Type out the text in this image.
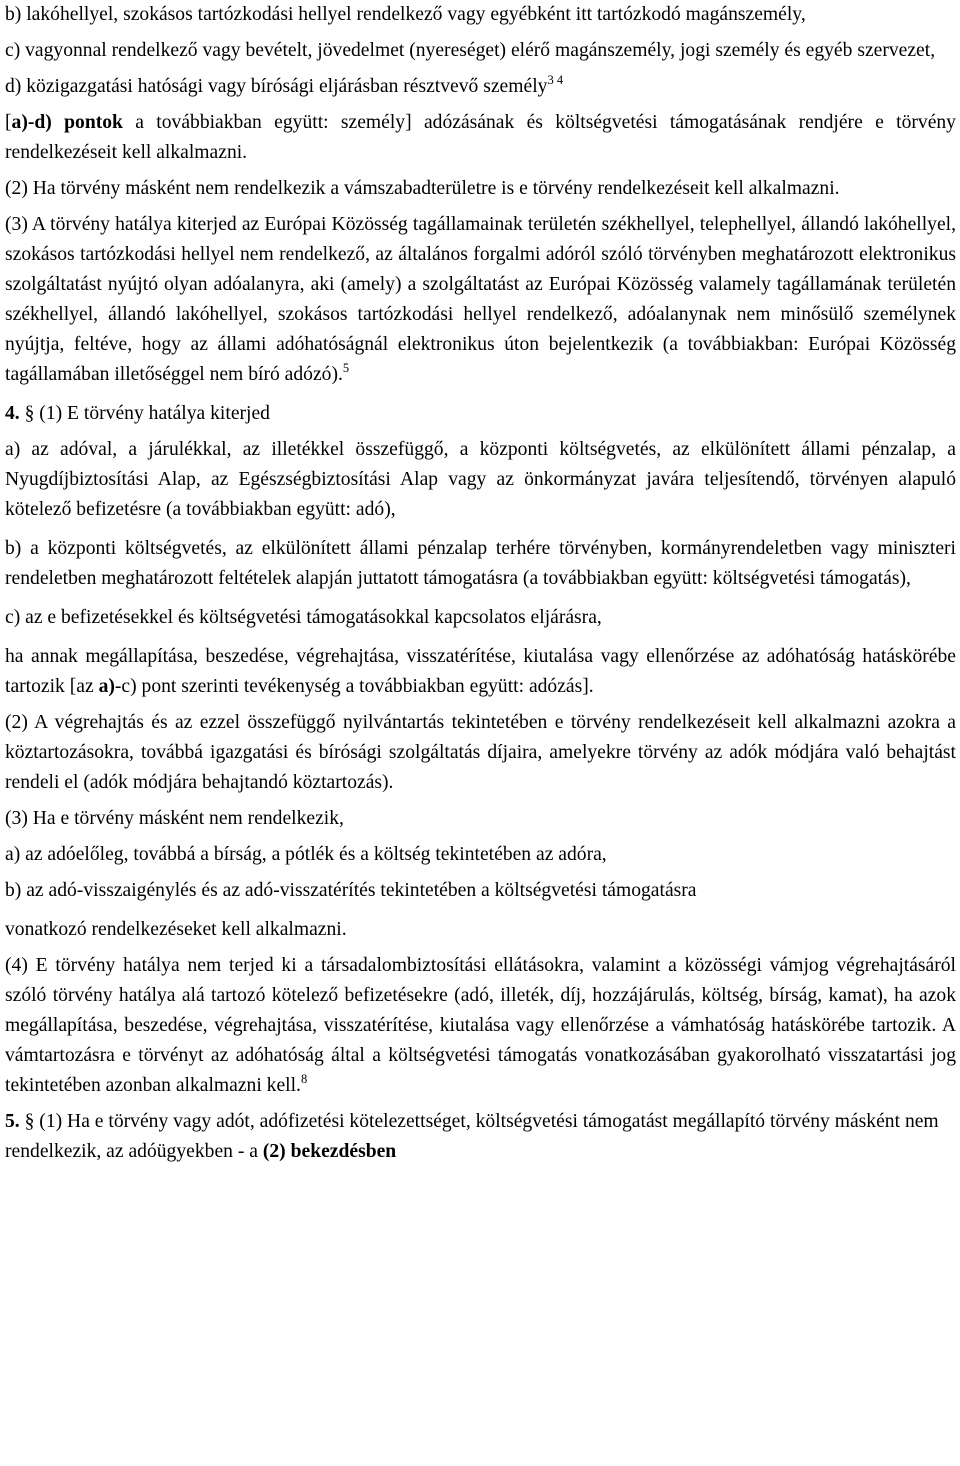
b) lakóhellyel, szokásos tartózkodási hellyel rendelkező vagy egyébként itt tartózkodó magánszemély,

c) vagyonnal rendelkező vagy bevételt, jövedelmet (nyereséget) elérő magánszemély, jogi személy és egyéb szervezet,

d) közigazgatási hatósági vagy bírósági eljárásban résztvevő személy$^{3 4}$

[a)-d) pontok a továbbiakban együtt: személy] adózásának és költségvetési támogatásának rendjére e törvény rendelkezéseit kell alkalmazni.

(2) Ha törvény másként nem rendelkezik a vámszabadterületre is e törvény rendelkezéseit kell alkalmazni.

(3) A törvény hatálya kiterjed az Európai Közösség tagállamainak területén székhellyel, telephellyel, állandó lakóhellyel, szokásos tartózkodási hellyel nem rendelkező, az általános forgalmi adóról szóló törvényben meghatározott elektronikus szolgáltatást nyújtó olyan adóalanyra, aki (amely) a szolgáltatást az Európai Közösség valamely tagállamának területén székhellyel, állandó lakóhellyel, szokásos tartózkodási hellyel rendelkező, adóalanynak nem minősülő személynek nyújtja, feltéve, hogy az állami adóhatóságnál elektronikus úton bejelentkezik (a továbbiakban: Európai Közösség tagállamában illetőséggel nem bíró adózó).$^5$

4. § (1) E törvény hatálya kiterjed

a) az adóval, a járulékkal, az illetékkel összefüggő, a központi költségvetés, az elkülönített állami pénzalap, a Nyugdíjbiztosítási Alap, az Egészségbiztosítási Alap vagy az önkormányzat javára teljesítendő, törvényen alapuló kötelező befizetésre (a továbbiakban együtt: adó),

b) a központi költségvetés, az elkülönített állami pénzalap terhére törvényben, kormányrendeletben vagy miniszteri rendeletben meghatározott feltételek alapján juttatott támogatásra (a továbbiakban együtt: költségvetési támogatás),

c) az e befizetésekkel és költségvetési támogatásokkal kapcsolatos eljárásra,

ha annak megállapítása, beszedése, végrehajtása, visszatérítése, kiutalása vagy ellenőrzése az adóhatóság hatáskörébe tartozik [az a)-c) pont szerinti tevékenység a továbbiakban együtt: adózás].

(2) A végrehajtás és az ezzel összefüggő nyilvántartás tekintetében e törvény rendelkezéseit kell alkalmazni azokra a köztartozásokra, továbbá igazgatási és bírósági szolgáltatás díjaira, amelyekre törvény az adók módjára való behajtást rendeli el (adók módjára behajtandó köztartozás).

(3) Ha e törvény másként nem rendelkezik,

a) az adóelőleg, továbbá a bírság, a pótlék és a költség tekintetében az adóra,

b) az adó-visszaigénylés és az adó-visszatérítés tekintetében a költségvetési támogatásra

vonatkozó rendelkezéseket kell alkalmazni.

(4) E törvény hatálya nem terjed ki a társadalombiztosítási ellátásokra, valamint a közösségi vámjog végrehajtásáról szóló törvény hatálya alá tartozó kötelező befizetésekre (adó, illeték, díj, hozzájárulás, költség, bírság, kamat), ha azok megállapítása, beszedése, végrehajtása, visszatérítése, kiutalása vagy ellenőrzése a vámhatóság hatáskörébe tartozik. A vámtartozásra e törvényt az adóhatóság által a költségvetési támogatás vonatkozásában gyakorolható visszatartási jog tekintetében azonban alkalmazni kell.$^8$

5. § (1) Ha e törvény vagy adót, adófizetési kötelezettséget, költségvetési támogatást megállapító törvény másként nem rendelkezik, az adóügyekben - a (2) bekezdésben
